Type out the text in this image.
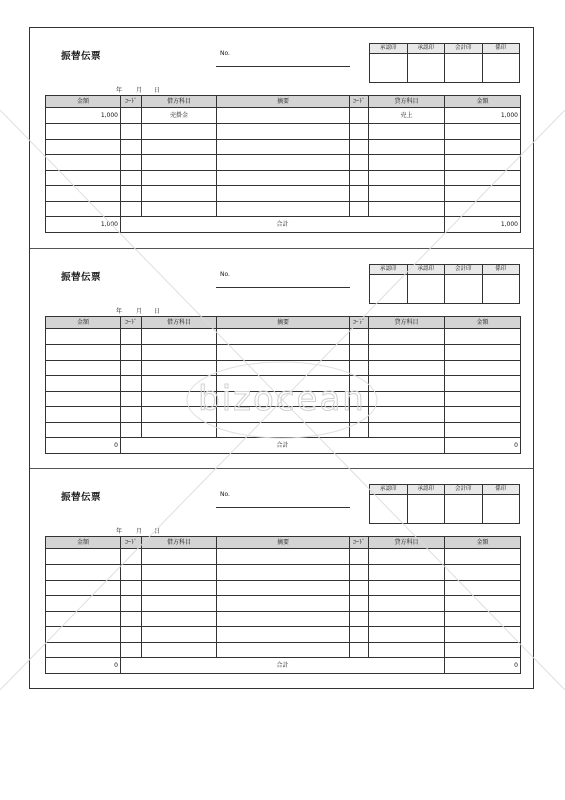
振替伝票	No.
承認印	承認印	会計印	係印
年 月 日
金額	ｺｰﾄﾞ	借方科目	摘要	ｺｰﾄﾞ	貸方科目	金額
1,000		売掛金			売上	1,000

1,000	合計					1,000
振替伝票	No.
承認印	承認印	会計印	係印
年 月 日
金額	ｺｰﾄﾞ	借方科目	摘要	ｺｰﾄﾞ	貸方科目	金額

0	合計					0
振替伝票	No.
承認印	承認印	会計印	係印
年 月 日
金額	ｺｰﾄﾞ	借方科目	摘要	ｺｰﾄﾞ	貸方科目	金額

0	合計					0
bizocean
